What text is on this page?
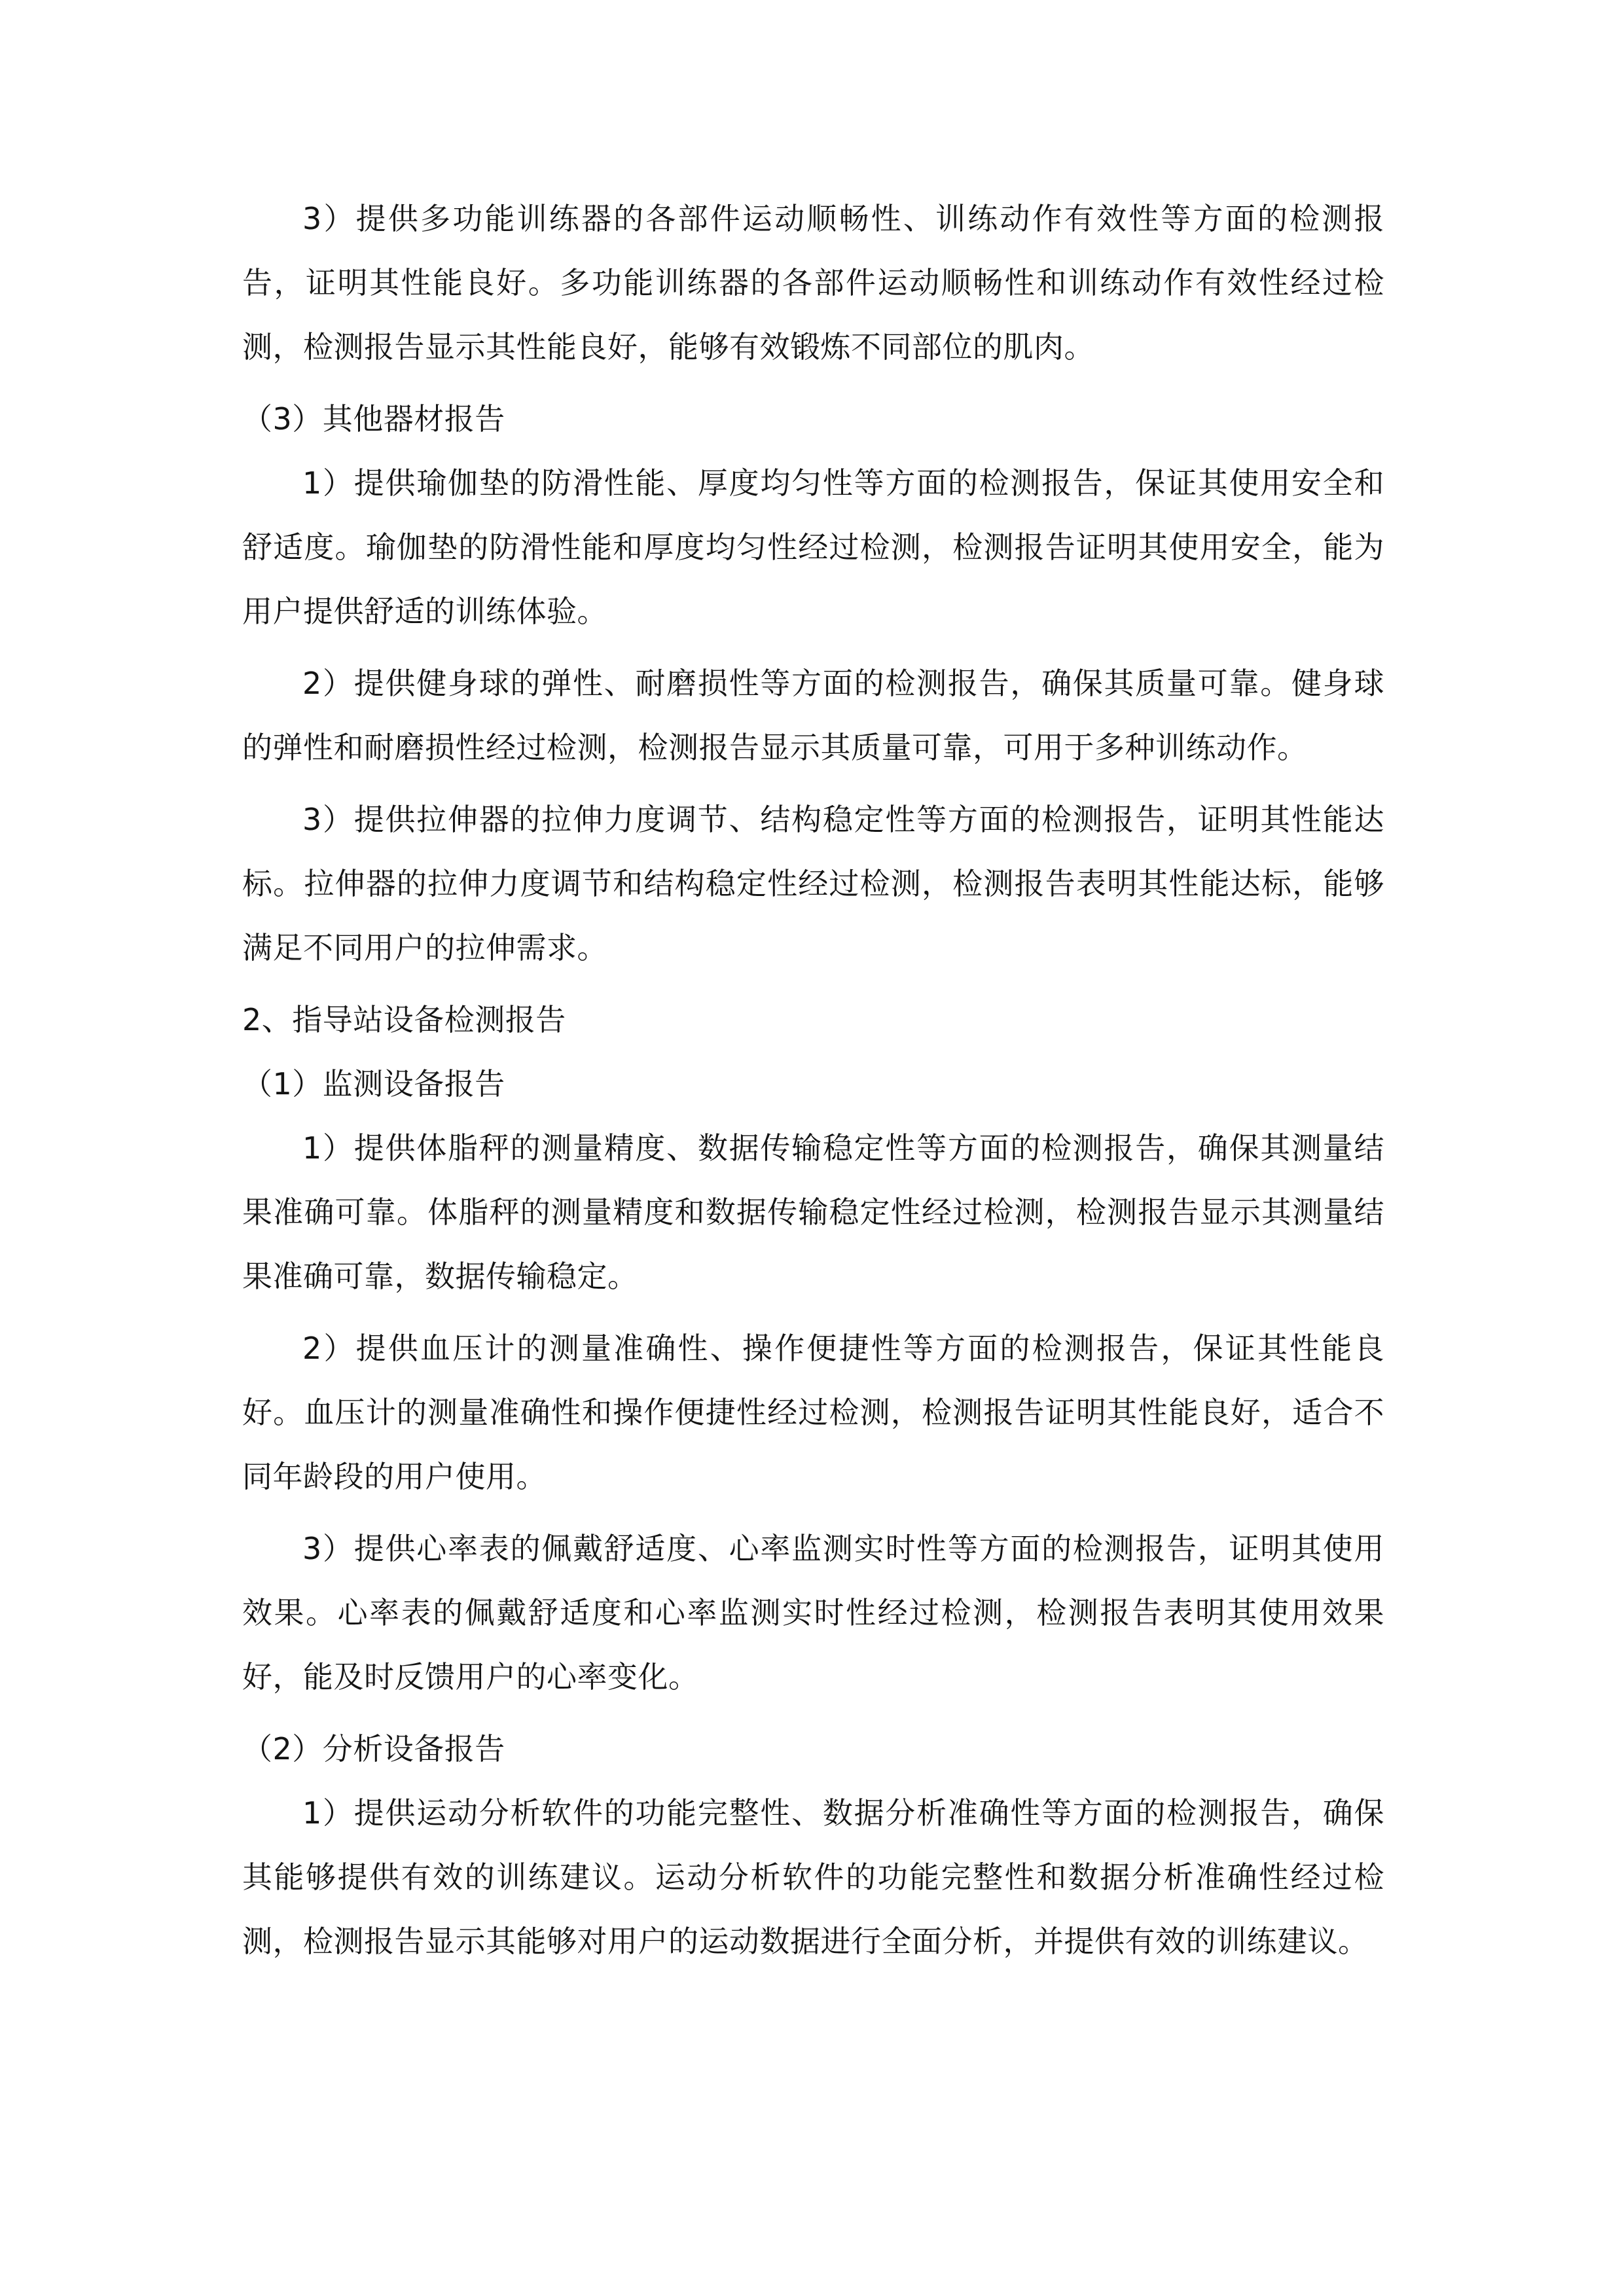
3）提供多功能训练器的各部件运动顺畅性、训练动作有效性等方面的检测报告，证明其性能良好。多功能训练器的各部件运动顺畅性和训练动作有效性经过检测，检测报告显示其性能良好，能够有效锻炼不同部位的肌肉。

（3）其他器材报告

1）提供瑜伽垫的防滑性能、厚度均匀性等方面的检测报告，保证其使用安全和舒适度。瑜伽垫的防滑性能和厚度均匀性经过检测，检测报告证明其使用安全，能为用户提供舒适的训练体验。

2）提供健身球的弹性、耐磨损性等方面的检测报告，确保其质量可靠。健身球的弹性和耐磨损性经过检测，检测报告显示其质量可靠，可用于多种训练动作。

3）提供拉伸器的拉伸力度调节、结构稳定性等方面的检测报告，证明其性能达标。拉伸器的拉伸力度调节和结构稳定性经过检测，检测报告表明其性能达标，能够满足不同用户的拉伸需求。

2、指导站设备检测报告

（1）监测设备报告

1）提供体脂秤的测量精度、数据传输稳定性等方面的检测报告，确保其测量结果准确可靠。体脂秤的测量精度和数据传输稳定性经过检测，检测报告显示其测量结果准确可靠，数据传输稳定。

2）提供血压计的测量准确性、操作便捷性等方面的检测报告，保证其性能良好。血压计的测量准确性和操作便捷性经过检测，检测报告证明其性能良好，适合不同年龄段的用户使用。

3）提供心率表的佩戴舒适度、心率监测实时性等方面的检测报告，证明其使用效果。心率表的佩戴舒适度和心率监测实时性经过检测，检测报告表明其使用效果好，能及时反馈用户的心率变化。

（2）分析设备报告

1）提供运动分析软件的功能完整性、数据分析准确性等方面的检测报告，确保其能够提供有效的训练建议。运动分析软件的功能完整性和数据分析准确性经过检测，检测报告显示其能够对用户的运动数据进行全面分析，并提供有效的训练建议。
